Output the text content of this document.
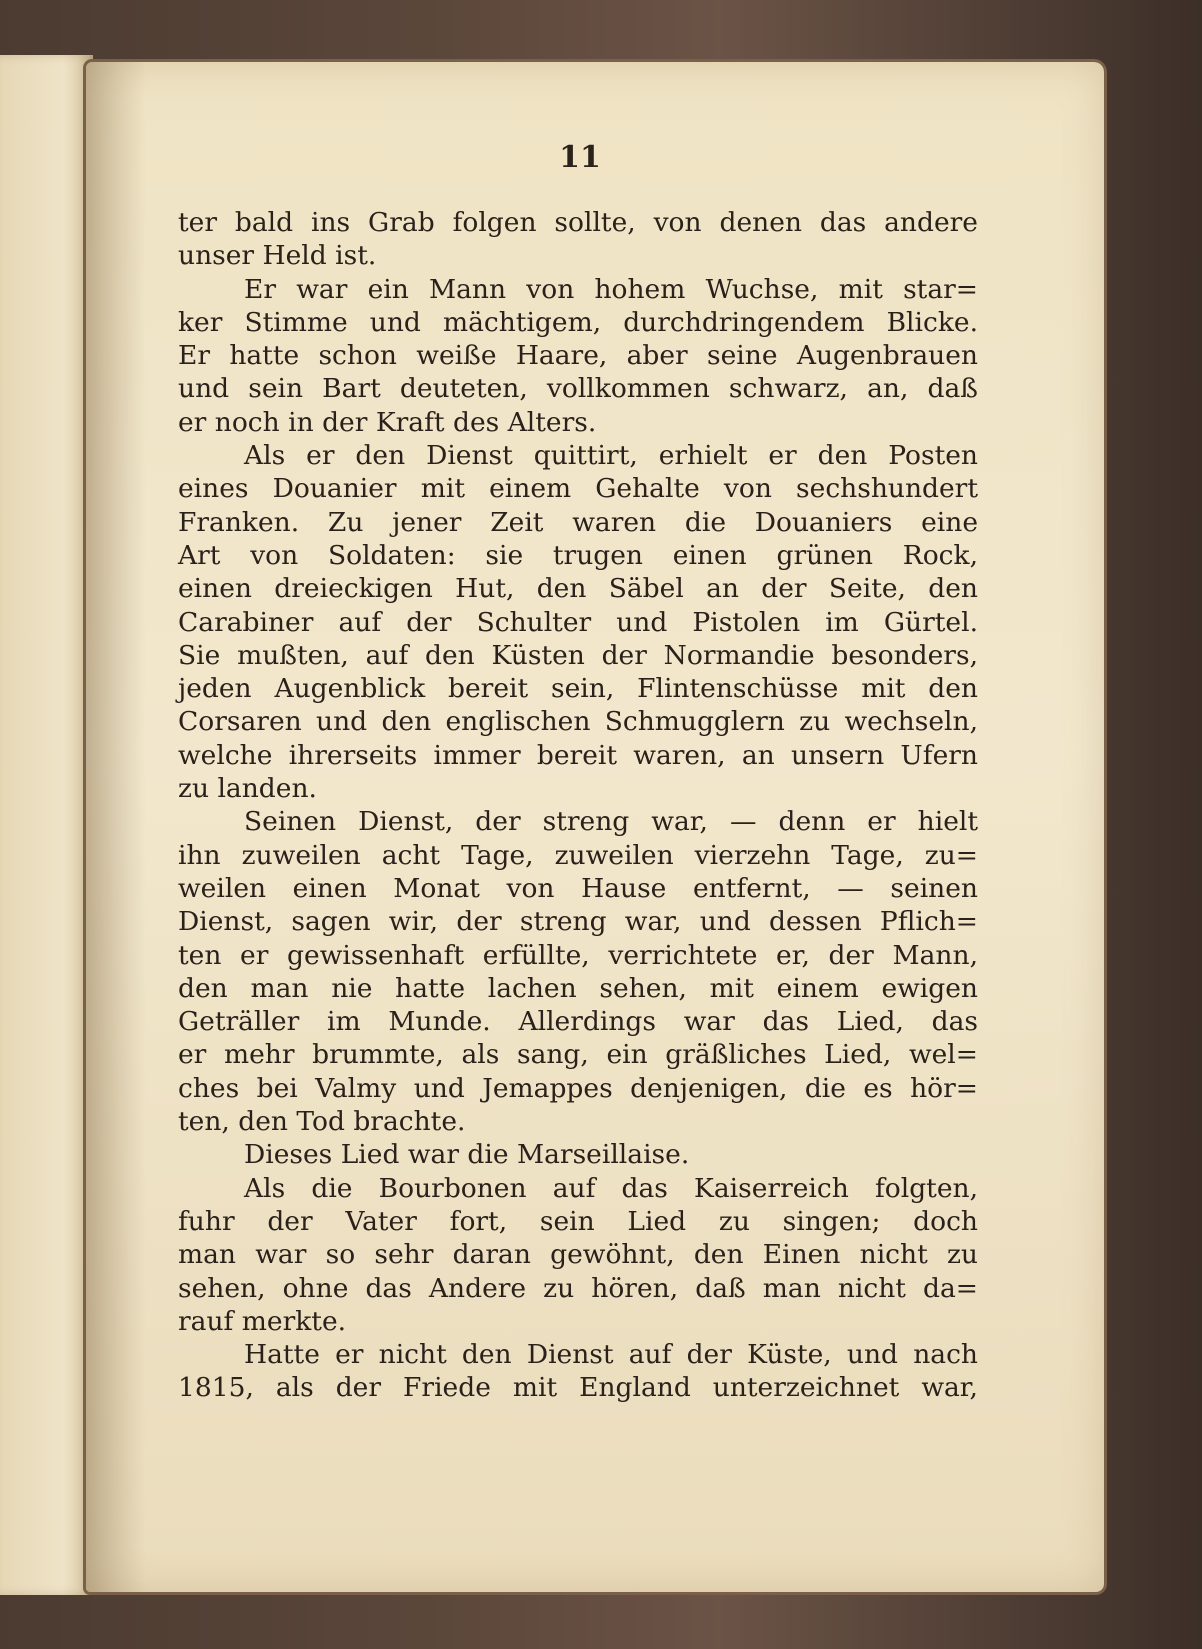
11
ter bald ins Grab folgen sollte, von denen das andere
unser Held ist.
Er war ein Mann von hohem Wuchse, mit star=
ker Stimme und mächtigem, durchdringendem Blicke.
Er hatte schon weiße Haare, aber seine Augenbrauen
und sein Bart deuteten, vollkommen schwarz, an, daß
er noch in der Kraft des Alters.
Als er den Dienst quittirt, erhielt er den Posten
eines Douanier mit einem Gehalte von sechshundert
Franken. Zu jener Zeit waren die Douaniers eine
Art von Soldaten: sie trugen einen grünen Rock,
einen dreieckigen Hut, den Säbel an der Seite, den
Carabiner auf der Schulter und Pistolen im Gürtel.
Sie mußten, auf den Küsten der Normandie besonders,
jeden Augenblick bereit sein, Flintenschüsse mit den
Corsaren und den englischen Schmugglern zu wechseln,
welche ihrerseits immer bereit waren, an unsern Ufern
zu landen.
Seinen Dienst, der streng war, — denn er hielt
ihn zuweilen acht Tage, zuweilen vierzehn Tage, zu=
weilen einen Monat von Hause entfernt, — seinen
Dienst, sagen wir, der streng war, und dessen Pflich=
ten er gewissenhaft erfüllte, verrichtete er, der Mann,
den man nie hatte lachen sehen, mit einem ewigen
Geträller im Munde. Allerdings war das Lied, das
er mehr brummte, als sang, ein gräßliches Lied, wel=
ches bei Valmy und Jemappes denjenigen, die es hör=
ten, den Tod brachte.
Dieses Lied war die Marseillaise.
Als die Bourbonen auf das Kaiserreich folgten,
fuhr der Vater fort, sein Lied zu singen; doch
man war so sehr daran gewöhnt, den Einen nicht zu
sehen, ohne das Andere zu hören, daß man nicht da=
rauf merkte.
Hatte er nicht den Dienst auf der Küste, und nach
1815, als der Friede mit England unterzeichnet war,
